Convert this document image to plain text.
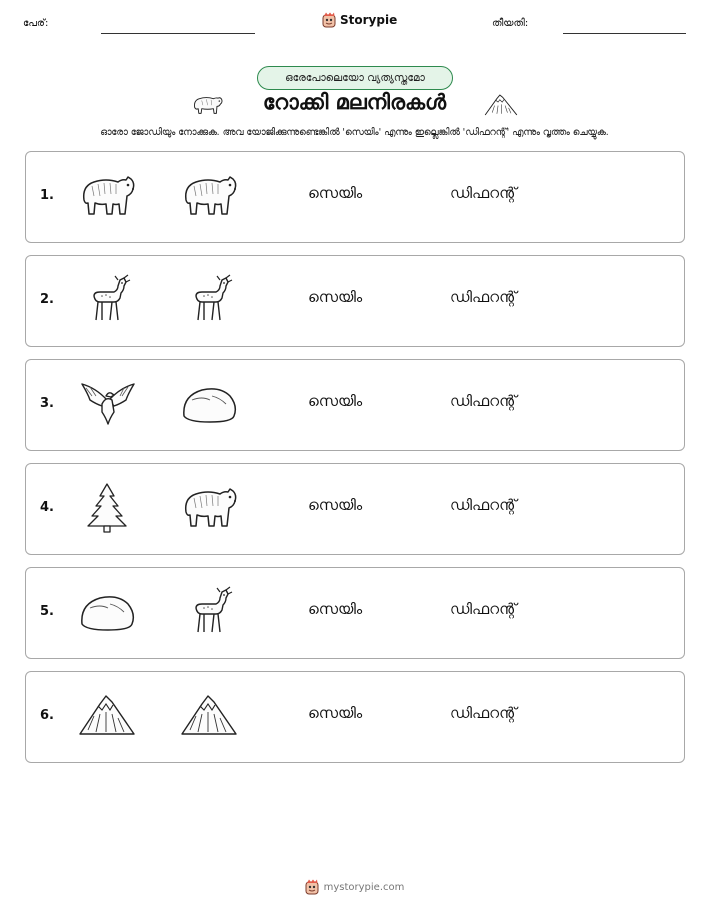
പേര്:	Storypie	തീയതി:
ഒരേപോലെയോ വ്യത്യസ്തമോ
റോക്കി മലനിരകൾ
ഓരോ ജോഡിയും നോക്കുക. അവ യോജിക്കുന്നുണ്ടെങ്കിൽ 'സെയിം' എന്നും ഇല്ലെങ്കിൽ 'ഡിഫറന്റ്' എന്നും വൃത്തം ചെയ്യുക.
1.	സെയിം	ഡിഫറന്റ്
2.	സെയിം	ഡിഫറന്റ്
3.	സെയിം	ഡിഫറന്റ്
4.	സെയിം	ഡിഫറന്റ്
5.	സെയിം	ഡിഫറന്റ്
6.	സെയിം	ഡിഫറന്റ്
mystorypie.com
